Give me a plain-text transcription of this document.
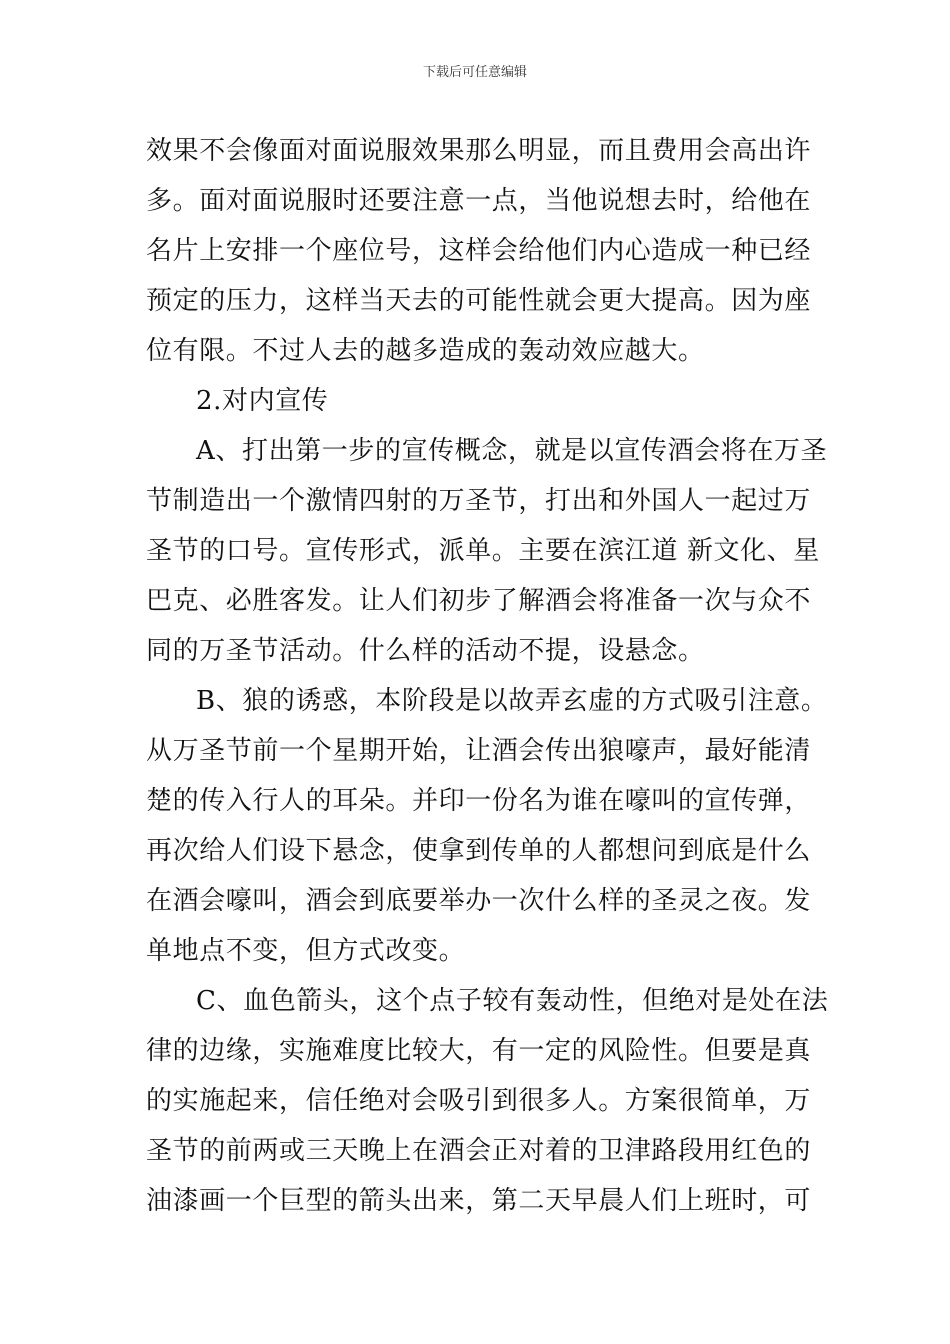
下载后可任意编辑

效果不会像面对面说服效果那么明显，而且费用会高出许
多。面对面说服时还要注意一点，当他说想去时，给他在
名片上安排一个座位号，这样会给他们内心造成一种已经
预定的压力，这样当天去的可能性就会更大提高。因为座
位有限。不过人去的越多造成的轰动效应越大。

2.对内宣传

A、打出第一步的宣传概念，就是以宣传酒会将在万圣
节制造出一个激情四射的万圣节，打出和外国人一起过万
圣节的口号。宣传形式，派单。主要在滨江道 新文化、星
巴克、必胜客发。让人们初步了解酒会将准备一次与众不
同的万圣节活动。什么样的活动不提，设悬念。

B、狼的诱惑，本阶段是以故弄玄虚的方式吸引注意。
从万圣节前一个星期开始，让酒会传出狼嚎声，最好能清
楚的传入行人的耳朵。并印一份名为谁在嚎叫的宣传弹，
再次给人们设下悬念，使拿到传单的人都想问到底是什么
在酒会嚎叫，酒会到底要举办一次什么样的圣灵之夜。发
单地点不变，但方式改变。

C、血色箭头，这个点子较有轰动性，但绝对是处在法
律的边缘，实施难度比较大，有一定的风险性。但要是真
的实施起来，信任绝对会吸引到很多人。方案很简单，万
圣节的前两或三天晚上在酒会正对着的卫津路段用红色的
油漆画一个巨型的箭头出来，第二天早晨人们上班时，可
